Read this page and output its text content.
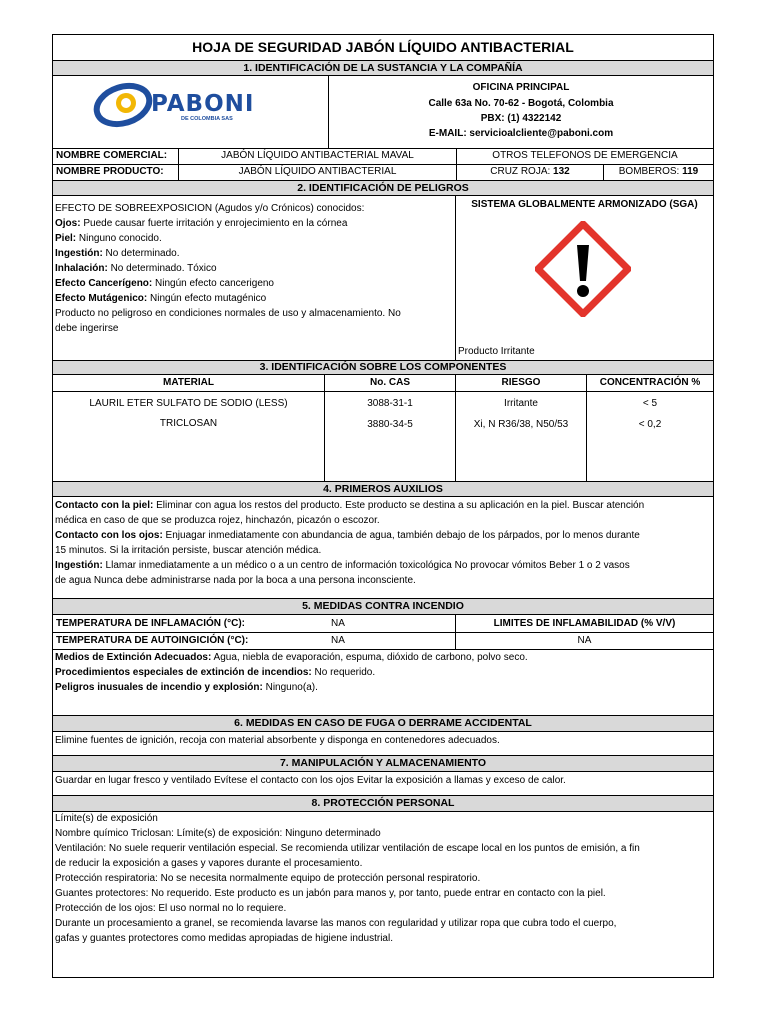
HOJA DE SEGURIDAD JABÓN LÍQUIDO ANTIBACTERIAL
1. IDENTIFICACIÓN DE LA SUSTANCIA Y LA COMPAÑÍA
PABONI
DE COLOMBIA SAS
OFICINA PRINCIPAL
Calle 63a No. 70-62 - Bogotá, Colombia
PBX: (1) 4322142
E-MAIL: servicioalcliente@paboni.com
NOMBRE COMERCIAL:	JABÓN LÍQUIDO ANTIBACTERIAL MAVAL	OTROS TELEFONOS DE EMERGENCIA
NOMBRE PRODUCTO:	JABÓN LÍQUIDO ANTIBACTERIAL	CRUZ ROJA: 132	BOMBEROS: 119
2. IDENTIFICACIÓN DE PELIGROS
EFECTO DE SOBREEXPOSICION (Agudos y/o Crónicos) conocidos:
Ojos: Puede causar fuerte irritación y enrojecimiento en la córnea
Piel: Ninguno conocido.
Ingestión: No determinado.
Inhalación: No determinado. Tóxico
Efecto Cancerígeno: Ningún efecto cancerigeno
Efecto Mutágenico: Ningún efecto mutagénico
Producto no peligroso en condiciones normales de uso y almacenamiento. No
debe ingerirse
SISTEMA GLOBALMENTE ARMONIZADO (SGA)
Producto Irritante
3. IDENTIFICACIÓN SOBRE LOS COMPONENTES
MATERIAL	No. CAS	RIESGO	CONCENTRACIÓN %
LAURIL ETER SULFATO DE SODIO (LESS)	3088-31-1	Irritante	< 5
TRICLOSAN	3880-34-5	Xi, N R36/38, N50/53	< 0,2
4. PRIMEROS AUXILIOS
Contacto con la piel: Eliminar con agua los restos del producto. Este producto se destina a su aplicación en la piel. Buscar atención
médica en caso de que se produzca rojez, hinchazón, picazón o escozor.
Contacto con los ojos: Enjuagar inmediatamente con abundancia de agua, también debajo de los párpados, por lo menos durante
15 minutos. Si la irritación persiste, buscar atención médica.
Ingestión: Llamar inmediatamente a un médico o a un centro de información toxicológica No provocar vómitos Beber 1 o 2 vasos
de agua Nunca debe administrarse nada por la boca a una persona inconsciente.
5. MEDIDAS CONTRA INCENDIO
TEMPERATURA DE INFLAMACIÓN (°C):	NA
TEMPERATURA DE AUTOINGICIÓN (°C):	NA
LIMITES DE INFLAMABILIDAD (% V/V)
NA
Medios de Extinción Adecuados: Agua, niebla de evaporación, espuma, dióxido de carbono, polvo seco.
Procedimientos especiales de extinción de incendios: No requerido.
Peligros inusuales de incendio y explosión: Ninguno(a).
6. MEDIDAS EN CASO DE FUGA O DERRAME ACCIDENTAL
Elimine fuentes de ignición, recoja con material absorbente y disponga en contenedores adecuados.
7. MANIPULACIÓN Y ALMACENAMIENTO
Guardar en lugar fresco y ventilado Evítese el contacto con los ojos Evitar la exposición a llamas y exceso de calor.
8. PROTECCIÓN PERSONAL
Límite(s) de exposición
Nombre químico Triclosan: Límite(s) de exposición: Ninguno determinado
Ventilación: No suele requerir ventilación especial. Se recomienda utilizar ventilación de escape local en los puntos de emisión, a fin
de reducir la exposición a gases y vapores durante el procesamiento.
Protección respiratoria: No se necesita normalmente equipo de protección personal respiratorio.
Guantes protectores: No requerido. Este producto es un jabón para manos y, por tanto, puede entrar en contacto con la piel.
Protección de los ojos: El uso normal no lo requiere.
Durante un procesamiento a granel, se recomienda lavarse las manos con regularidad y utilizar ropa que cubra todo el cuerpo,
gafas y guantes protectores como medidas apropiadas de higiene industrial.
